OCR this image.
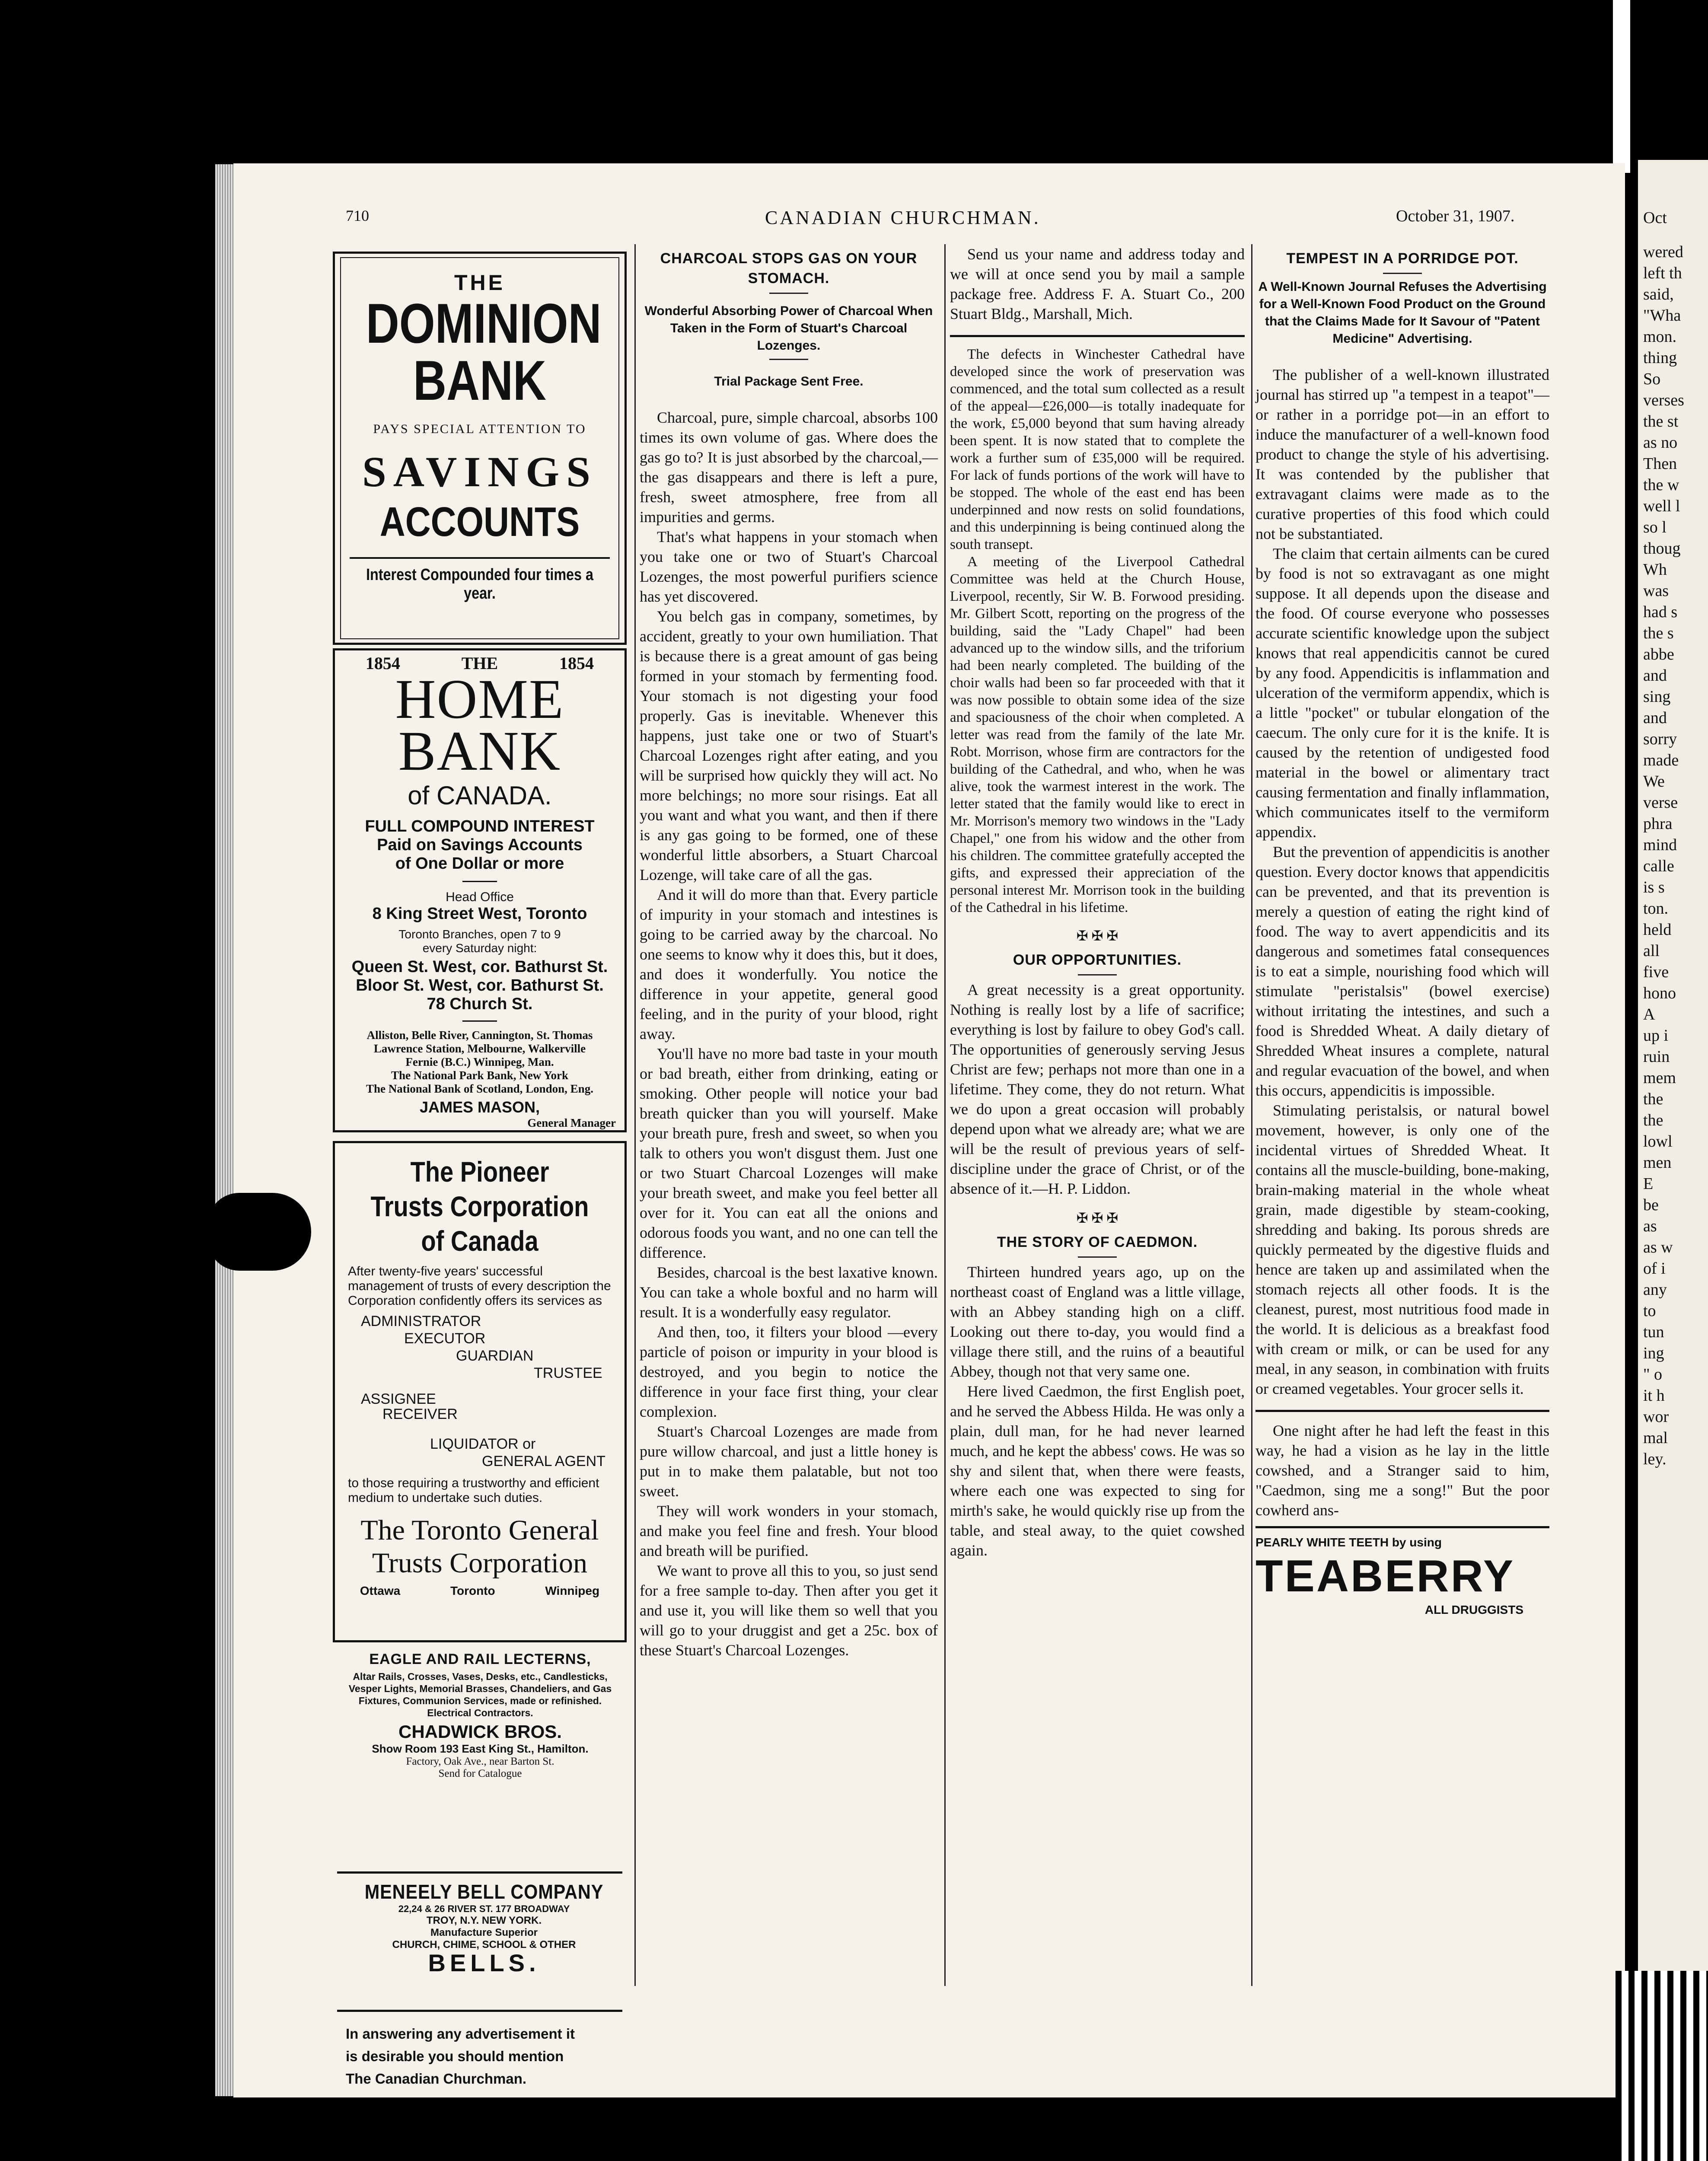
Oct
wered
left th
said,
"Wha
mon.
thing
So
verses
the st
as no
Then
the w
well l
so l
thoug
Wh
was
had s
the s
abbe
and
sing
and
sorry
made
We
verse
phra
mind
calle
is s
ton.
held
all
five
hono
A
up i
ruin
mem
the
the
lowl
men
E
be
as
as w
of i
any
to
tun
ing
" o
it h
wor
mal
ley.
710	CANADIAN CHURCHMAN.	October 31, 1907.
THE
DOMINION
BANK
PAYS SPECIAL ATTENTION TO
SAVINGS
ACCOUNTS
Interest Compounded four times a year.
1854	THE	1854
HOME BANK
of CANADA.
FULL COMPOUND INTEREST
Paid on Savings Accounts
of One Dollar or more
Head Office
8 King Street West, Toronto
Toronto Branches, open 7 to 9
every Saturday night:
Queen St. West, cor. Bathurst St.
Bloor St. West, cor. Bathurst St.
78 Church St.
Alliston, Belle River, Cannington, St. Thomas
Lawrence Station, Melbourne, Walkerville
Fernie (B.C.) Winnipeg, Man.
The National Park Bank, New York
The National Bank of Scotland, London, Eng.
JAMES MASON,
General Manager
The Pioneer
Trusts Corporation
of Canada
After twenty-five years' successful management of trusts of every description the Corporation confidently offers its services as
ADMINISTRATOR
EXECUTOR
GUARDIAN
TRUSTEE
ASSIGNEE
RECEIVER
LIQUIDATOR or
GENERAL AGENT
to those requiring a trustworthy and efficient medium to undertake such duties.
The Toronto General
Trusts Corporation
Ottawa	Toronto	Winnipeg
EAGLE AND RAIL LECTERNS,
Altar Rails, Crosses, Vases, Desks, etc., Candlesticks, Vesper Lights, Memorial Brasses, Chandeliers, and Gas Fixtures, Communion Services, made or refinished. Electrical Contractors.
CHADWICK BROS.
Show Room 193 East King St., Hamilton.
Factory, Oak Ave., near Barton St.
Send for Catalogue
MENEELY BELL COMPANY
22,24 & 26 RIVER ST. 177 BROADWAY
TROY, N.Y. NEW YORK.
Manufacture Superior
CHURCH, CHIME, SCHOOL & OTHER
BELLS.
In answering any advertisement it
is desirable you should mention
The Canadian Churchman.
CHARCOAL STOPS GAS ON YOUR STOMACH.
Wonderful Absorbing Power of Charcoal When Taken in the Form of Stuart's Charcoal Lozenges.
Trial Package Sent Free.

Charcoal, pure, simple charcoal, absorbs 100 times its own volume of gas. Where does the gas go to? It is just absorbed by the charcoal,—the gas disappears and there is left a pure, fresh, sweet atmosphere, free from all impurities and germs.

That's what happens in your stomach when you take one or two of Stuart's Charcoal Lozenges, the most powerful purifiers science has yet discovered.

You belch gas in company, sometimes, by accident, greatly to your own humiliation. That is because there is a great amount of gas being formed in your stomach by fermenting food. Your stomach is not digesting your food properly. Gas is inevitable. Whenever this happens, just take one or two of Stuart's Charcoal Lozenges right after eating, and you will be surprised how quickly they will act. No more belchings; no more sour risings. Eat all you want and what you want, and then if there is any gas going to be formed, one of these wonderful little absorbers, a Stuart Charcoal Lozenge, will take care of all the gas.

And it will do more than that. Every particle of impurity in your stomach and intestines is going to be carried away by the charcoal. No one seems to know why it does this, but it does, and does it wonderfully. You notice the difference in your appetite, general good feeling, and in the purity of your blood, right away.

You'll have no more bad taste in your mouth or bad breath, either from drinking, eating or smoking. Other people will notice your bad breath quicker than you will yourself. Make your breath pure, fresh and sweet, so when you talk to others you won't disgust them. Just one or two Stuart Charcoal Lozenges will make your breath sweet, and make you feel better all over for it. You can eat all the onions and odorous foods you want, and no one can tell the difference.

Besides, charcoal is the best laxative known. You can take a whole boxful and no harm will result. It is a wonderfully easy regulator.

And then, too, it filters your blood —every particle of poison or impurity in your blood is destroyed, and you begin to notice the difference in your face first thing, your clear complexion.

Stuart's Charcoal Lozenges are made from pure willow charcoal, and just a little honey is put in to make them palatable, but not too sweet.

They will work wonders in your stomach, and make you feel fine and fresh. Your blood and breath will be purified.

We want to prove all this to you, so just send for a free sample to-day. Then after you get it and use it, you will like them so well that you will go to your druggist and get a 25c. box of these Stuart's Charcoal Lozenges.

Send us your name and address today and we will at once send you by mail a sample package free. Address F. A. Stuart Co., 200 Stuart Bldg., Marshall, Mich.

The defects in Winchester Cathedral have developed since the work of preservation was commenced, and the total sum collected as a result of the appeal—£26,000—is totally inadequate for the work, £5,000 beyond that sum having already been spent. It is now stated that to complete the work a further sum of £35,000 will be required. For lack of funds portions of the work will have to be stopped. The whole of the east end has been underpinned and now rests on solid foundations, and this underpinning is being continued along the south transept.

A meeting of the Liverpool Cathedral Committee was held at the Church House, Liverpool, recently, Sir W. B. Forwood presiding. Mr. Gilbert Scott, reporting on the progress of the building, said the "Lady Chapel" had been advanced up to the window sills, and the triforium had been nearly completed. The building of the choir walls had been so far proceeded with that it was now possible to obtain some idea of the size and spaciousness of the choir when completed. A letter was read from the family of the late Mr. Robt. Morrison, whose firm are contractors for the building of the Cathedral, and who, when he was alive, took the warmest interest in the work. The letter stated that the family would like to erect in Mr. Morrison's memory two windows in the "Lady Chapel," one from his widow and the other from his children. The committee gratefully accepted the gifts, and expressed their appreciation of the personal interest Mr. Morrison took in the building of the Cathedral in his lifetime.

✠ ✠ ✠
OUR OPPORTUNITIES.

A great necessity is a great opportunity. Nothing is really lost by a life of sacrifice; everything is lost by failure to obey God's call. The opportunities of generously serving Jesus Christ are few; perhaps not more than one in a lifetime. They come, they do not return. What we do upon a great occasion will probably depend upon what we already are; what we are will be the result of previous years of self-discipline under the grace of Christ, or of the absence of it.—H. P. Liddon.

✠ ✠ ✠
THE STORY OF CAEDMON.

Thirteen hundred years ago, up on the northeast coast of England was a little village, with an Abbey standing high on a cliff. Looking out there to-day, you would find a village there still, and the ruins of a beautiful Abbey, though not that very same one.

Here lived Caedmon, the first English poet, and he served the Abbess Hilda. He was only a plain, dull man, for he had never learned much, and he kept the abbess' cows. He was so shy and silent that, when there were feasts, where each one was expected to sing for mirth's sake, he would quickly rise up from the table, and steal away, to the quiet cowshed again.

TEMPEST IN A PORRIDGE POT.
A Well-Known Journal Refuses the Advertising for a Well-Known Food Product on the Ground that the Claims Made for It Savour of "Patent Medicine" Advertising.

The publisher of a well-known illustrated journal has stirred up "a tempest in a teapot"—or rather in a porridge pot—in an effort to induce the manufacturer of a well-known food product to change the style of his advertising. It was contended by the publisher that extravagant claims were made as to the curative properties of this food which could not be substantiated.

The claim that certain ailments can be cured by food is not so extravagant as one might suppose. It all depends upon the disease and the food. Of course everyone who possesses accurate scientific knowledge upon the subject knows that real appendicitis cannot be cured by any food. Appendicitis is inflammation and ulceration of the vermiform appendix, which is a little "pocket" or tubular elongation of the caecum. The only cure for it is the knife. It is caused by the retention of undigested food material in the bowel or alimentary tract causing fermentation and finally inflammation, which communicates itself to the vermiform appendix.

But the prevention of appendicitis is another question. Every doctor knows that appendicitis can be prevented, and that its prevention is merely a question of eating the right kind of food. The way to avert appendicitis and its dangerous and sometimes fatal consequences is to eat a simple, nourishing food which will stimulate "peristalsis" (bowel exercise) without irritating the intestines, and such a food is Shredded Wheat. A daily dietary of Shredded Wheat insures a complete, natural and regular evacuation of the bowel, and when this occurs, appendicitis is impossible.

Stimulating peristalsis, or natural bowel movement, however, is only one of the incidental virtues of Shredded Wheat. It contains all the muscle-building, bone-making, brain-making material in the whole wheat grain, made digestible by steam-cooking, shredding and baking. Its porous shreds are quickly permeated by the digestive fluids and hence are taken up and assimilated when the stomach rejects all other foods. It is the cleanest, purest, most nutritious food made in the world. It is delicious as a breakfast food with cream or milk, or can be used for any meal, in any season, in combination with fruits or creamed vegetables. Your grocer sells it.

One night after he had left the feast in this way, he had a vision as he lay in the little cowshed, and a Stranger said to him, "Caedmon, sing me a song!" But the poor cowherd ans-

PEARLY WHITE TEETH by using
TEABERRY
ALL DRUGGISTS
